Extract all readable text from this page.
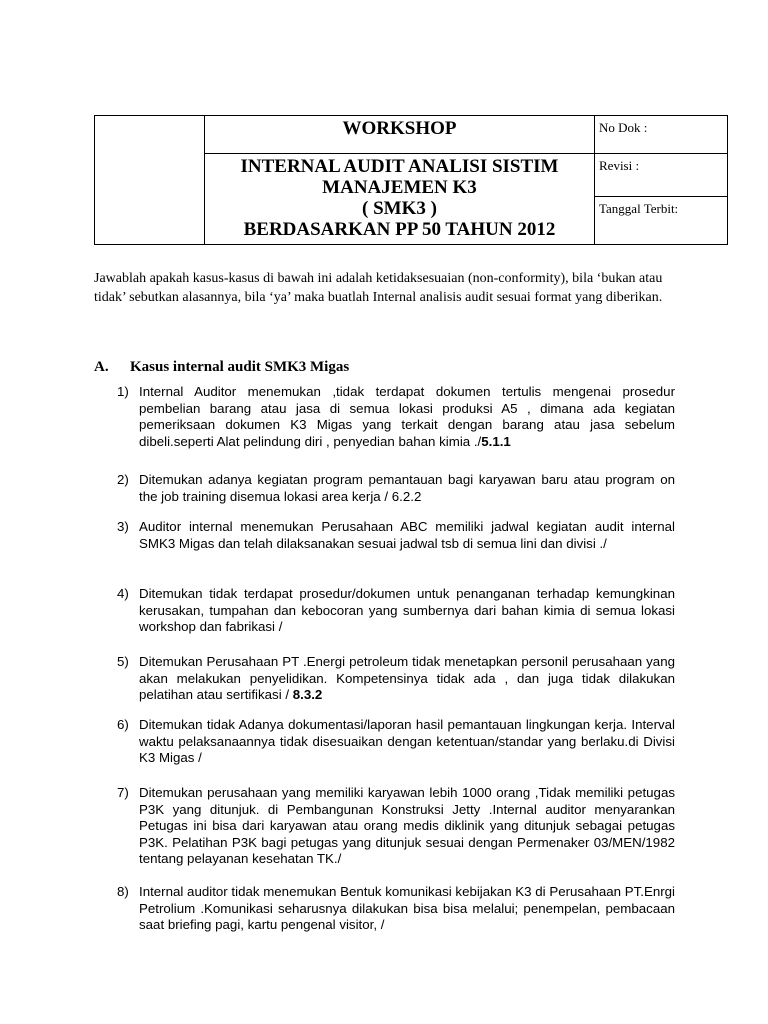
	WORKSHOP	No Dok :

	INTERNAL AUDIT ANALISI SISTIM
MANAJEMEN K3
( SMK3 )
BERDASARKAN PP 50 TAHUN 2012	Revisi :
		Tanggal Terbit:
Jawablah apakah kasus-kasus di bawah ini adalah ketidaksesuaian (non-conformity), bila ‘bukan atau tidak’ sebutkan alasannya, bila ‘ya’ maka buatlah Internal analisis audit sesuai format yang diberikan.
A. Kasus internal audit SMK3 Migas
1) Internal Auditor menemukan ,tidak terdapat dokumen tertulis mengenai prosedur pembelian barang atau jasa di semua lokasi produksi A5 , dimana ada kegiatan pemeriksaan dokumen K3 Migas yang terkait dengan barang atau jasa sebelum dibeli.seperti Alat pelindung diri , penyedian bahan kimia ./5.1.1
2) Ditemukan adanya kegiatan program pemantauan bagi karyawan baru atau program on the job training disemua lokasi area kerja / 6.2.2
3) Auditor internal menemukan Perusahaan ABC memiliki jadwal kegiatan audit internal SMK3 Migas dan telah dilaksanakan sesuai jadwal tsb di semua lini dan divisi ./
4) Ditemukan tidak terdapat prosedur/dokumen untuk penanganan terhadap kemungkinan kerusakan, tumpahan dan kebocoran yang sumbernya dari bahan kimia di semua lokasi workshop dan fabrikasi /
5) Ditemukan Perusahaan PT .Energi petroleum tidak menetapkan personil perusahaan yang akan melakukan penyelidikan. Kompetensinya tidak ada , dan juga tidak dilakukan pelatihan atau sertifikasi / 8.3.2
6) Ditemukan tidak Adanya dokumentasi/laporan hasil pemantauan lingkungan kerja. Interval waktu pelaksanaannya tidak disesuaikan dengan ketentuan/standar yang berlaku.di Divisi K3 Migas /
7) Ditemukan perusahaan yang memiliki karyawan lebih 1000 orang ,Tidak memiliki petugas P3K yang ditunjuk. di Pembangunan Konstruksi Jetty .Internal auditor menyarankan Petugas ini bisa dari karyawan atau orang medis diklinik yang ditunjuk sebagai petugas P3K. Pelatihan P3K bagi petugas yang ditunjuk sesuai dengan Permenaker 03/MEN/1982 tentang pelayanan kesehatan TK./
8) Internal auditor tidak menemukan Bentuk komunikasi kebijakan K3 di Perusahaan PT.Enrgi Petrolium .Komunikasi seharusnya dilakukan bisa bisa melalui; penempelan, pembacaan saat briefing pagi, kartu pengenal visitor, /
